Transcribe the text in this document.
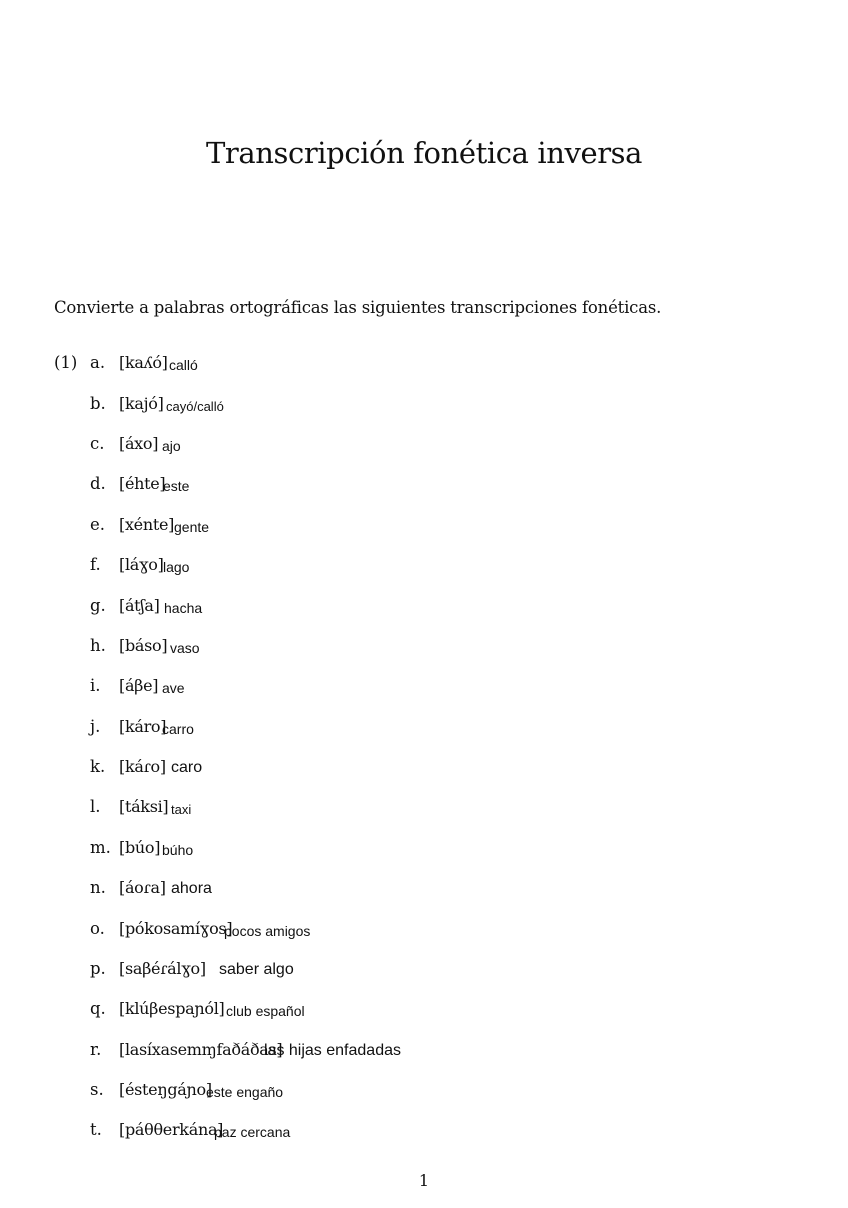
Transcripción fonética inversa
Convierte a palabras ortográficas las siguientes transcripciones fonéticas.
(1) a. [kaʎó] calló
b. [kajó] cayó/calló
c. [áxo] ajo
d. [éhte]
este
e. [xénte] gente
f. [láɣo] lago
g. [átʃa] hacha
h. [báso] vaso
i. [áβe] ave
j. [káro]
carro
k. [káɾo] caro
l. [táksi] taxi
m. [búo] búho
n. [áoɾa] ahora
o. [pókosamíɣos]
pocos amigos
p. [saβéɾálɣo] saber algo
q. [klúβespaɲól] club español
r. [lasíxasemɱfaðáðas]
las hijas enfadadas
s. [ésteŋgáɲo]
este engaño
t. [páθθerkána]
paz cercana
1
